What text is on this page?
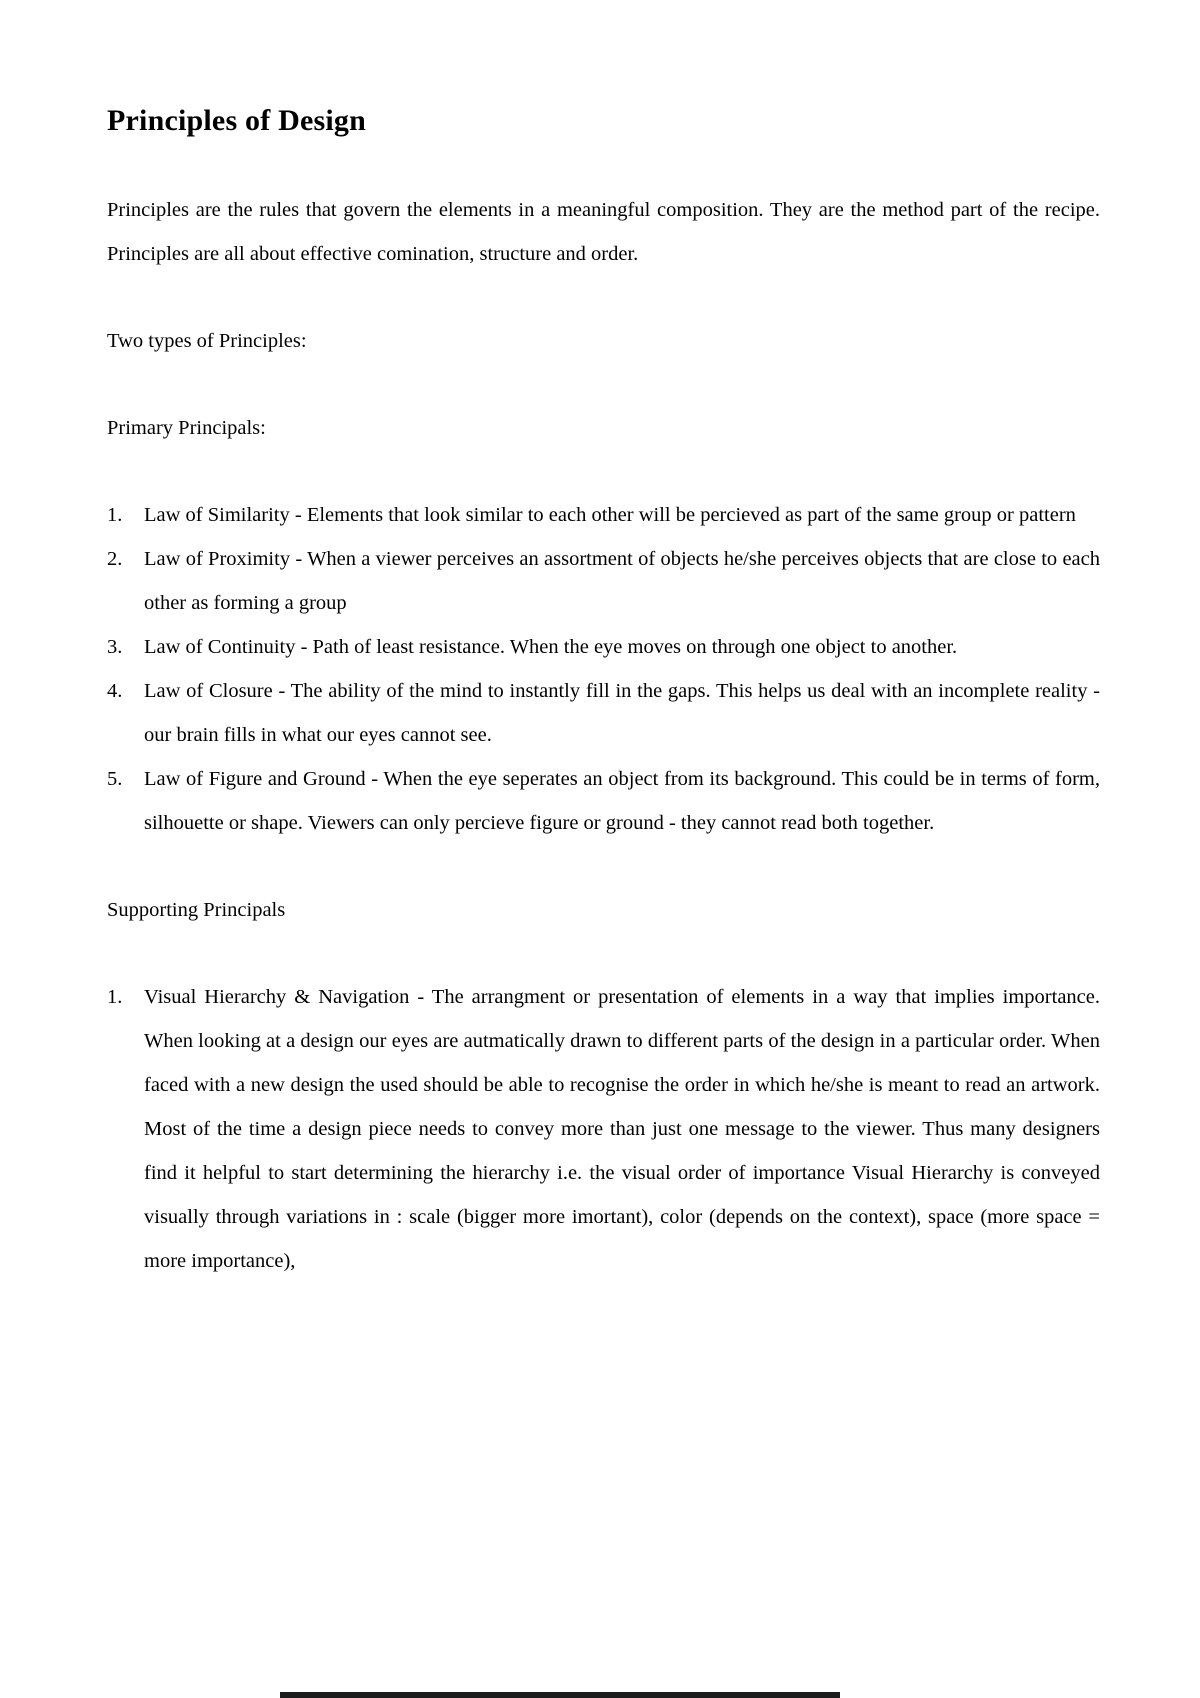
Principles of Design

Principles are the rules that govern the elements in a meaningful composition. They are the method part of the recipe. Principles are all about effective comination, structure and order.

Two types of Principles:

Primary Principals:

Law of Similarity - Elements that look similar to each other will be percieved as part of the same group or pattern
Law of Proximity - When a viewer perceives an assortment of objects he/she perceives objects that are close to each other as forming a group
Law of Continuity - Path of least resistance. When the eye moves on through one object to another.
Law of Closure - The ability of the mind to instantly fill in the gaps. This helps us deal with an incomplete reality - our brain fills in what our eyes cannot see.
Law of Figure and Ground - When the eye seperates an object from its background. This could be in terms of form, silhouette or shape. Viewers can only percieve figure or ground - they cannot read both together.

Supporting Principals

Visual Hierarchy & Navigation - The arrangment or presentation of elements in a way that implies importance. When looking at a design our eyes are autmatically drawn to different parts of the design in a particular order. When faced with a new design the used should be able to recognise the order in which he/she is meant to read an artwork. Most of the time a design piece needs to convey more than just one message to the viewer. Thus many designers find it helpful to start determining the hierarchy i.e. the visual order of importance Visual Hierarchy is conveyed visually through variations in : scale (bigger more imortant), color (depends on the context), space (more space = more importance),
